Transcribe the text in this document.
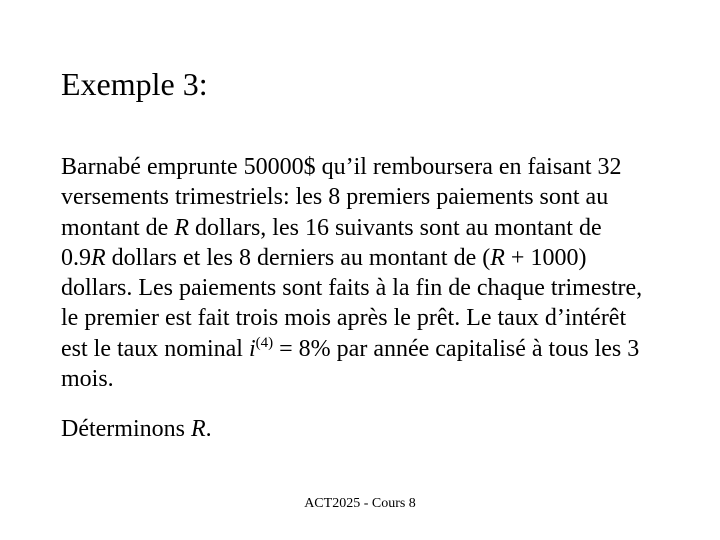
Exemple 3:
Barnabé emprunte 50000$ qu’il remboursera en faisant 32
versements trimestriels: les 8 premiers paiements sont au
montant de R dollars, les 16 suivants sont au montant de
0.9R dollars et les 8 derniers au montant de (R + 1000)
dollars. Les paiements sont faits à la fin de chaque trimestre,
le premier est fait trois mois après le prêt. Le taux d’intérêt
est le taux nominal $i^{(4)} = 8\%$ par année capitalisé à tous les 3
mois.

Déterminons R.

ACT2025 - Cours 8
